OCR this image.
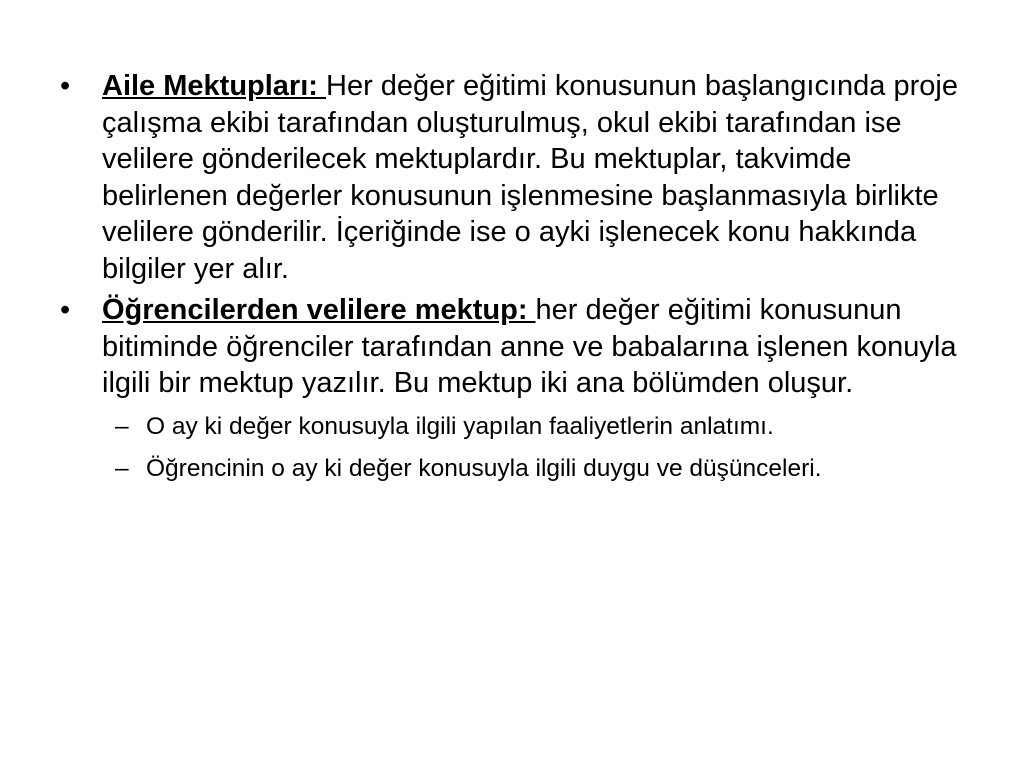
•	Aile Mektupları: Her değer eğitimi konusunun başlangıcında proje çalışma ekibi tarafından oluşturulmuş, okul ekibi tarafından ise velilere gönderilecek mektuplardır. Bu mektuplar, takvimde belirlenen değerler konusunun işlenmesine başlanmasıyla birlikte velilere gönderilir. İçeriğinde ise o ayki işlenecek konu hakkında bilgiler yer alır.
•	Öğrencilerden velilere mektup: her değer eğitimi konusunun bitiminde öğrenciler tarafından anne ve babalarına işlenen konuyla ilgili bir mektup yazılır. Bu mektup iki ana bölümden oluşur.
– O ay ki değer konusuyla ilgili yapılan faaliyetlerin anlatımı.
– Öğrencinin o ay ki değer konusuyla ilgili duygu ve düşünceleri.
